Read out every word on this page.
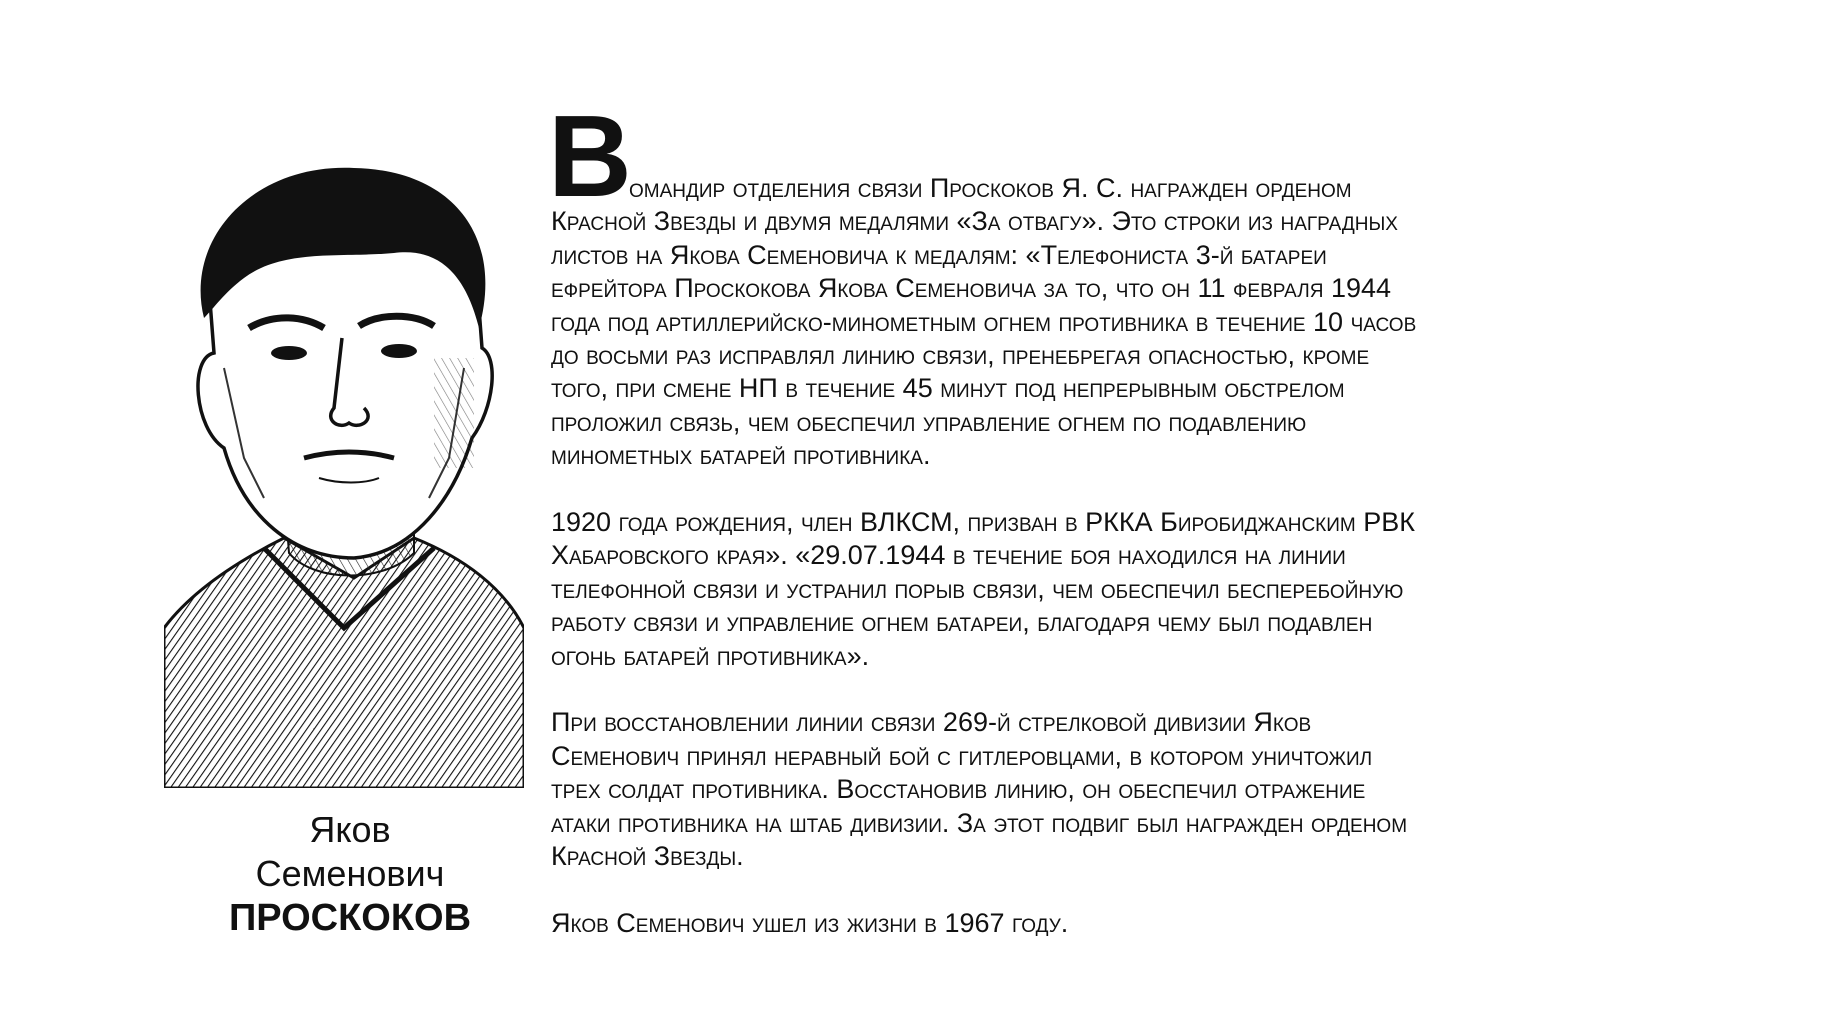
Яков
Семенович
ПРОСКОКОВ
В омандир отделения связи Проскоков Я. С. награжден орденом
Красной Звезды и двумя медалями «За отвагу». Это строки из наградных
листов на Якова Семеновича к медалям: «Телефониста 3-й батареи
ефрейтора Проскокова Якова Семеновича за то, что он 11 февраля 1944
года под артиллерийско-минометным огнем противника в течение 10 часов
до восьми раз исправлял линию связи, пренебрегая опасностью, кроме
того, при смене НП в течение 45 минут под непрерывным обстрелом
проложил связь, чем обеспечил управление огнем по подавлению
минометных батарей противника.
1920 года рождения, член ВЛКСМ, призван в РККА Биробиджанским РВК
Хабаровского края». «29.07.1944 в течение боя находился на линии
телефонной связи и устранил порыв связи, чем обеспечил бесперебойную
работу связи и управление огнем батареи, благодаря чему был подавлен
огонь батарей противника».
При восстановлении линии связи 269-й стрелковой дивизии Яков
Семенович принял неравный бой с гитлеровцами, в котором уничтожил
трех солдат противника. Восстановив линию, он обеспечил отражение
атаки противника на штаб дивизии. За этот подвиг был награжден орденом
Красной Звезды.
Яков Семенович ушел из жизни в 1967 году.
